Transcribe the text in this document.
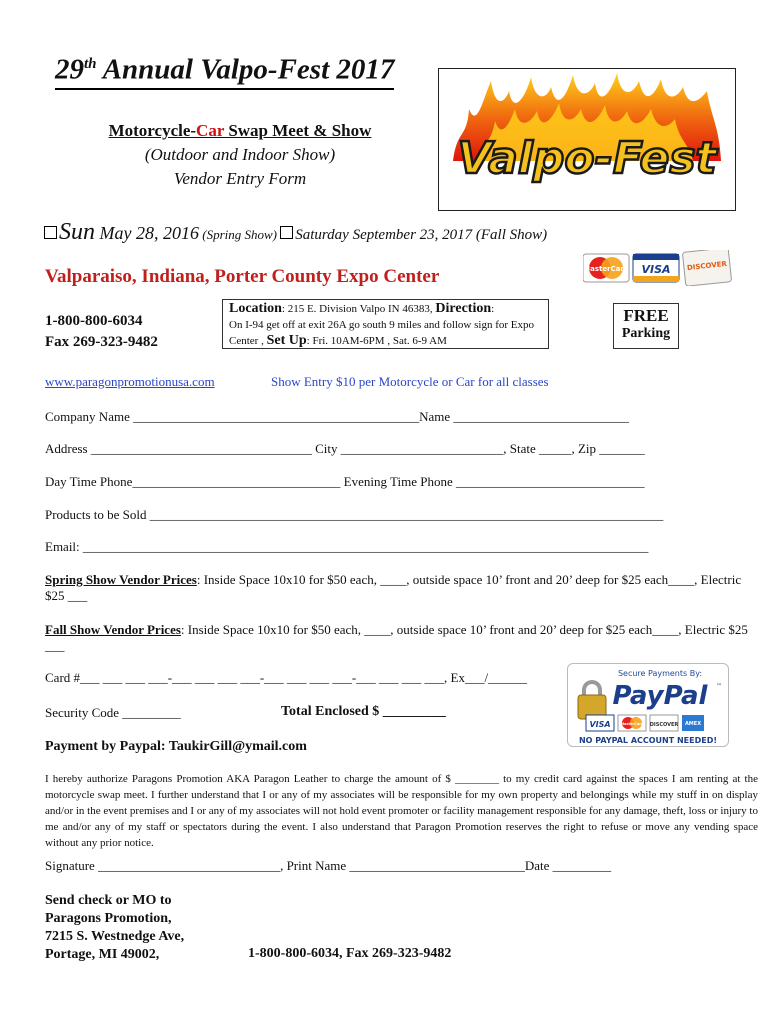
29th Annual Valpo-Fest 2017
Motorcycle-Car Swap Meet & Show
(Outdoor and Indoor Show)
Vendor Entry Form	Valpo-Fest
Sun May 28, 2016 (Spring Show) Saturday September 23, 2017 (Fall Show)
Valparaiso, Indiana, Porter County Expo Center	MasterCard VISA DISCOVER
1-800-800-6034
Fax 269-323-9482
Location: 215 E. Division Valpo IN 46383, Direction:
On I-94 get off at exit 26A go south 9 miles and follow sign for Expo Center , Set Up: Fri. 10AM-6PM , Sat. 6-9 AM
FREE
Parking
www.paragonpromotionusa.com	Show Entry $10 per Motorcycle or Car for all classes
Company Name ____________________________________________Name ___________________________
Address __________________________________ City _________________________, State _____, Zip _______
Day Time Phone________________________________ Evening Time Phone _____________________________
Products to be Sold _______________________________________________________________________________
Email: _______________________________________________________________________________________
Spring Show Vendor Prices: Inside Space 10x10 for $50 each, ____, outside space 10’ front and 20’ deep for $25 each____, Electric $25 ___
Fall Show Vendor Prices: Inside Space 10x10 for $50 each, ____, outside space 10’ front and 20’ deep for $25 each____, Electric $25 ___
Card #___ ___ ___ ___-___ ___ ___ ___-___ ___ ___ ___-___ ___ ___ ___, Ex___/______
Security Code _________	Total Enclosed $ _________
Secure Payments By:
PayPal ™
VISA	MasterCard DISCOVER AMEX
NO PAYPAL ACCOUNT NEEDED!
Payment by Paypal: TaukirGill@ymail.com
I hereby authorize Paragons Promotion AKA Paragon Leather to charge the amount of $ ________ to my credit card against the spaces I am renting at the motorcycle swap meet. I further understand that I or any of my associates will be responsible for my own property and belongings while my stuff in on display and/or in the event premises and I or any of my associates will not hold event promoter or facility management responsible for any damage, theft, loss or injury to me and/or any of my staff or spectators during the event. I also understand that Paragon Promotion reserves the right to refuse or move any vending space without any prior notice.
Signature ____________________________, Print Name ___________________________Date _________
Send check or MO to
Paragons Promotion,
7215 S. Westnedge Ave,
Portage, MI 49002,	1-800-800-6034, Fax 269-323-9482
